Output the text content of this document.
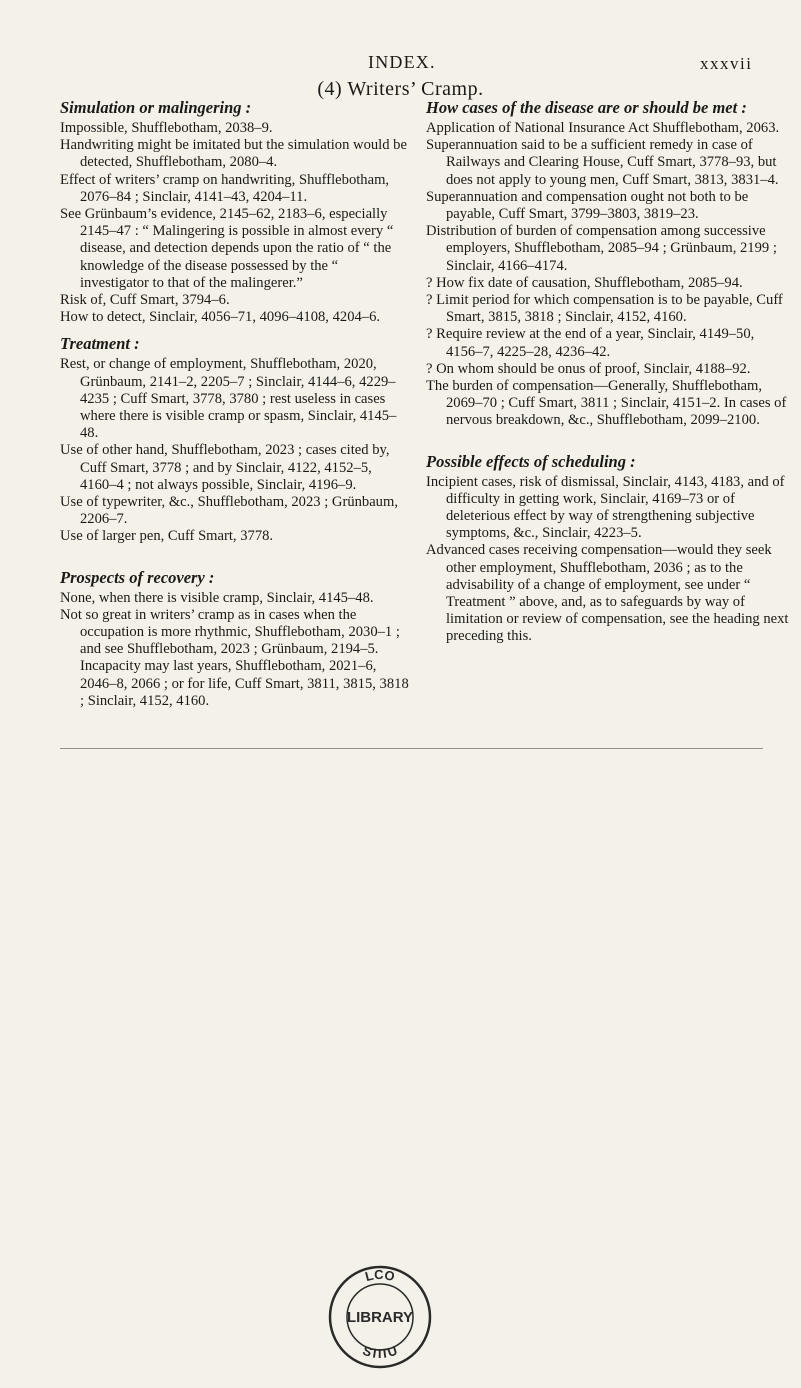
INDEX.	xxxvii
(4) Writers’ Cramp.
Simulation or malingering :

Impossible, Shufflebotham, 2038–9.

Handwriting might be imitated but the simulation would be detected, Shufflebotham, 2080–4.

Effect of writers’ cramp on handwriting, Shufflebotham, 2076–84 ; Sinclair, 4141–43, 4204–11.

See Grünbaum’s evidence, 2145–62, 2183–6, especially 2145–47 : “ Malingering is possible in almost every “ disease, and detection depends upon the ratio of “ the knowledge of the disease possessed by the “ investigator to that of the malingerer.”

Risk of, Cuff Smart, 3794–6.

How to detect, Sinclair, 4056–71, 4096–4108, 4204–6.

Treatment :

Rest, or change of employment, Shufflebotham, 2020, Grünbaum, 2141–2, 2205–7 ; Sinclair, 4144–6, 4229–4235 ; Cuff Smart, 3778, 3780 ; rest useless in cases where there is visible cramp or spasm, Sinclair, 4145–48.

Use of other hand, Shufflebotham, 2023 ; cases cited by, Cuff Smart, 3778 ; and by Sinclair, 4122, 4152–5, 4160–4 ; not always possible, Sinclair, 4196–9.

Use of typewriter, &c., Shufflebotham, 2023 ; Grünbaum, 2206–7.

Use of larger pen, Cuff Smart, 3778.

Prospects of recovery :

None, when there is visible cramp, Sinclair, 4145–48.

Not so great in writers’ cramp as in cases when the occupation is more rhythmic, Shufflebotham, 2030–1 ; and see Shufflebotham, 2023 ; Grünbaum, 2194–5. Incapacity may last years, Shufflebotham, 2021–6, 2046–8, 2066 ; or for life, Cuff Smart, 3811, 3815, 3818 ; Sinclair, 4152, 4160.

How cases of the disease are or should be met :

Application of National Insurance Act Shufflebotham, 2063.

Superannuation said to be a sufficient remedy in case of Railways and Clearing House, Cuff Smart, 3778–93, but does not apply to young men, Cuff Smart, 3813, 3831–4.

Superannuation and compensation ought not both to be payable, Cuff Smart, 3799–3803, 3819–23.

Distribution of burden of compensation among successive employers, Shufflebotham, 2085–94 ; Grünbaum, 2199 ; Sinclair, 4166–4174.

? How fix date of causation, Shufflebotham, 2085–94.

? Limit period for which compensation is to be payable, Cuff Smart, 3815, 3818 ; Sinclair, 4152, 4160.

? Require review at the end of a year, Sinclair, 4149–50, 4156–7, 4225–28, 4236–42.

? On whom should be onus of proof, Sinclair, 4188–92.

The burden of compensation—Generally, Shufflebotham, 2069–70 ; Cuff Smart, 3811 ; Sinclair, 4151–2. In cases of nervous breakdown, &c., Shufflebotham, 2099–2100.

Possible effects of scheduling :

Incipient cases, risk of dismissal, Sinclair, 4143, 4183, and of difficulty in getting work, Sinclair, 4169–73 or of deleterious effect by way of strengthening subjective symptoms, &c., Sinclair, 4223–5.

Advanced cases receiving compensation—would they seek other employment, Shufflebotham, 2036 ; as to the advisability of a change of employment, see under “ Treatment ” above, and, as to safeguards by way of limitation or review of compensation, see the heading next preceding this.

LCO
STITU
LIBRARY
